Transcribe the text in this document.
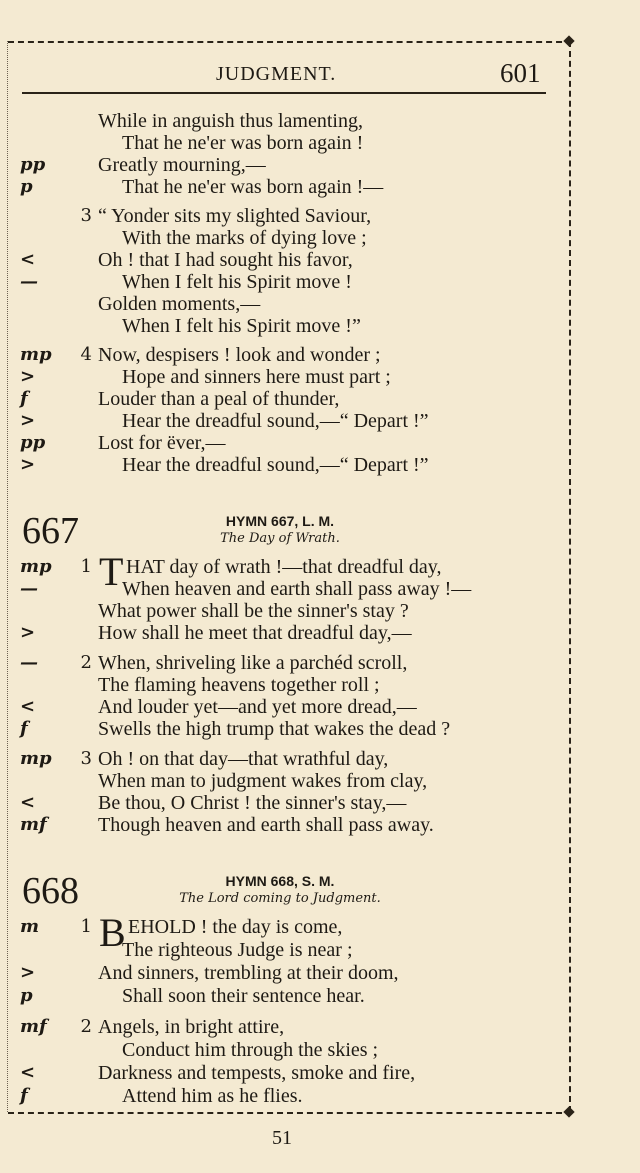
JUDGMENT.	601
While in anguish thus lamenting,
That he ne'er was born again !
pp	Greatly mourning,—
p	That he ne'er was born again !—
3 “ Yonder sits my slighted Saviour,
With the marks of dying love ;
<	Oh ! that I had sought his favor,
—	When I felt his Spirit move !
Golden moments,—
When I felt his Spirit move !”
mp	4 Now, despisers ! look and wonder ;
>	Hope and sinners here must part ;
f	Louder than a peal of thunder,
>	Hear the dreadful sound,—“ Depart !”
pp	Lost for ëver,—
>	Hear the dreadful sound,—“ Depart !”
667	HYMN 667, L. M.
The Day of Wrath.
T
mp	1 HAT day of wrath !—that dreadful day,
—	When heaven and earth shall pass away !—
What power shall be the sinner's stay ?
>	How shall he meet that dreadful day,—
—	2 When, shriveling like a parchéd scroll,
The flaming heavens together roll ;
<	And louder yet—and yet more dread,—
f	Swells the high trump that wakes the dead ?
mp	3 Oh ! on that day—that wrathful day,
When man to judgment wakes from clay,
<	Be thou, O Christ ! the sinner's stay,—
mf	Though heaven and earth shall pass away.
668	HYMN 668, S. M.
The Lord coming to Judgment.
B
m	1 EHOLD ! the day is come,
The righteous Judge is near ;
>	And sinners, trembling at their doom,
p	Shall soon their sentence hear.
mf	2 Angels, in bright attire,
Conduct him through the skies ;
<	Darkness and tempests, smoke and fire,
f	Attend him as he flies.
51
